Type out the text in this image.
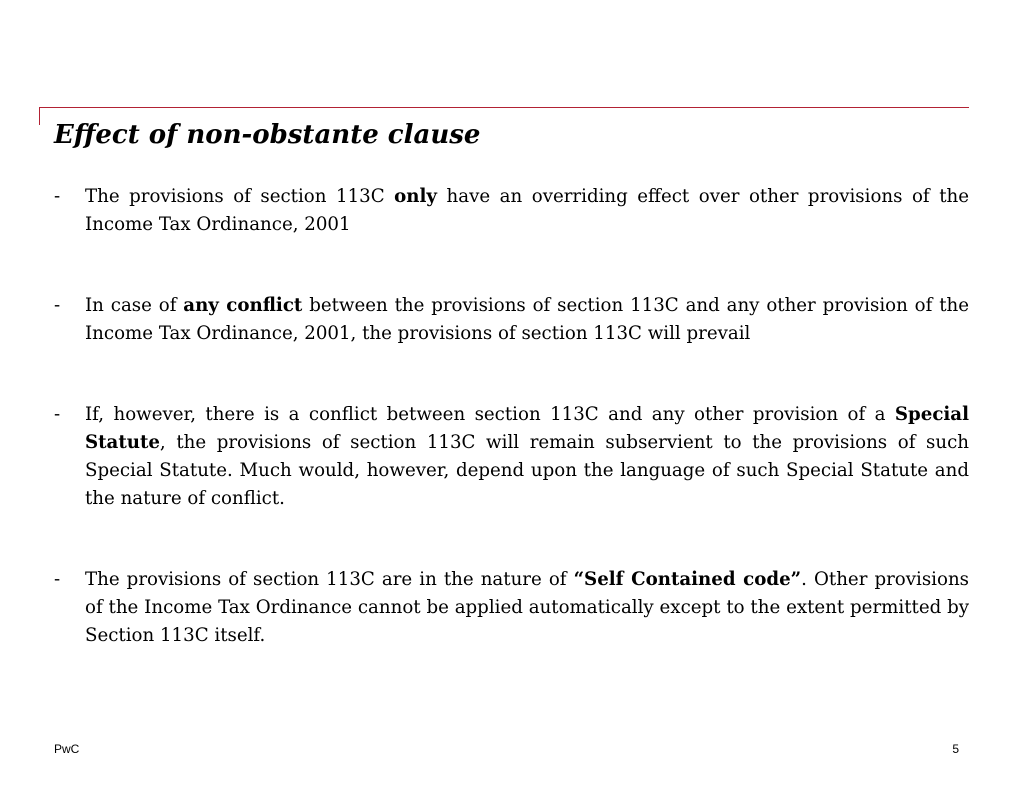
Effect of non-obstante clause
- The provisions of section 113C only have an overriding effect over other provisions of the Income Tax Ordinance, 2001
- In case of any conflict between the provisions of section 113C and any other provision of the Income Tax Ordinance, 2001, the provisions of section 113C will prevail
- If, however, there is a conflict between section 113C and any other provision of a Special Statute, the provisions of section 113C will remain subservient to the provisions of such Special Statute. Much would, however, depend upon the language of such Special Statute and the nature of conflict.
- The provisions of section 113C are in the nature of “Self Contained code”. Other provisions of the Income Tax Ordinance cannot be applied automatically except to the extent permitted by Section 113C itself.
PwC	5
